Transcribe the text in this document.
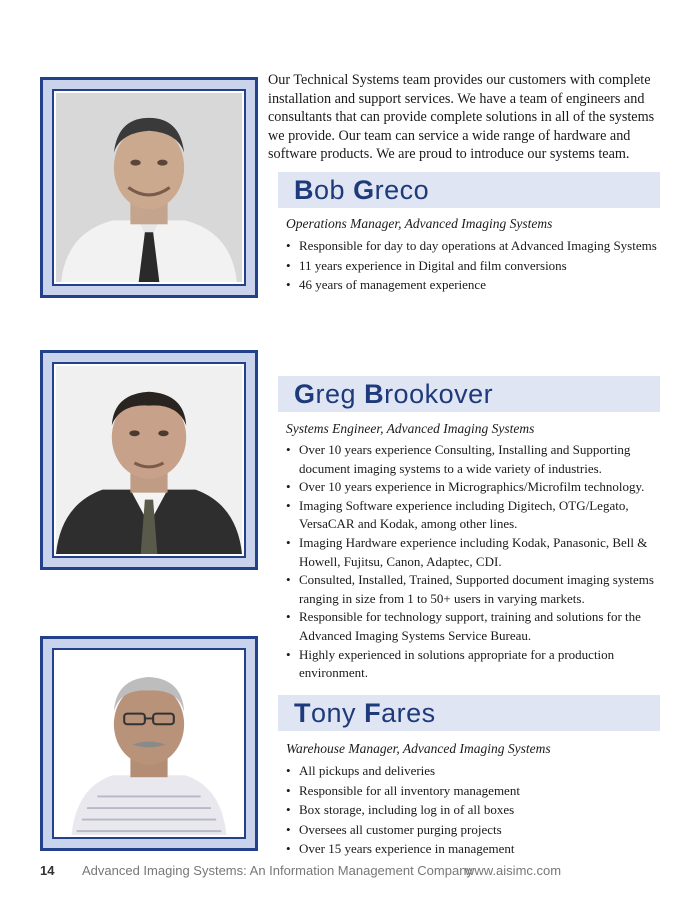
Our Technical Systems team provides our customers with complete installation and support services. We have a team of engineers and consultants that can provide complete solutions in all of the systems we provide. Our team can service a wide range of hardware and software products. We are proud to introduce our systems team.

Bob Greco

Operations Manager, Advanced Imaging Systems

• Responsible for day to day operations at Advanced Imaging Systems
• 11 years experience in Digital and film conversions
• 46 years of management experience
Greg Brookover

Systems Engineer, Advanced Imaging Systems

• Over 10 years experience Consulting, Installing and Supporting document imaging systems to a wide variety of industries.
• Over 10 years experience in Micrographics/Microfilm technology.
• Imaging Software experience including Digitech, OTG/Legato, VersaCAR and Kodak, among other lines.
• Imaging Hardware experience including Kodak, Panasonic, Bell & Howell, Fujitsu, Canon, Adaptec, CDI.
• Consulted, Installed, Trained, Supported document imaging systems ranging in size from 1 to 50+ users in varying markets.
• Responsible for technology support, training and solutions for the Advanced Imaging Systems Service Bureau.
• Highly experienced in solutions appropriate for a production environment.
Tony Fares

Warehouse Manager, Advanced Imaging Systems

• All pickups and deliveries
• Responsible for all inventory management
• Box storage, including log in of all boxes
• Oversees all customer purging projects
• Over 15 years experience in management
14 Advanced Imaging Systems: An Information Management Company
www.aisimc.com
